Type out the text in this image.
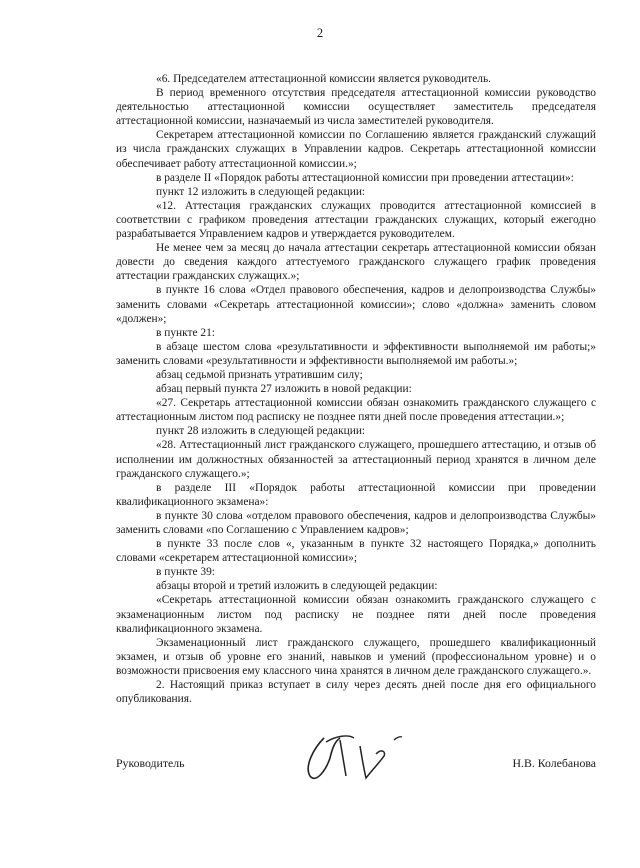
2

«6. Председателем аттестационной комиссии является руководитель.

В период временного отсутствия председателя аттестационной комиссии руководство деятельностью аттестационной комиссии осуществляет заместитель председателя аттестационной комиссии, назначаемый из числа заместителей руководителя.

Секретарем аттестационной комиссии по Соглашению является гражданский служащий из числа гражданских служащих в Управлении кадров. Секретарь аттестационной комиссии обеспечивает работу аттестационной комиссии.»;

в разделе II «Порядок работы аттестационной комиссии при проведении аттестации»:

пункт 12 изложить в следующей редакции:

«12. Аттестация гражданских служащих проводится аттестационной комиссией в соответствии с графиком проведения аттестации гражданских служащих, который ежегодно разрабатывается Управлением кадров и утверждается руководителем.

Не менее чем за месяц до начала аттестации секретарь аттестационной комиссии обязан довести до сведения каждого аттестуемого гражданского служащего график проведения аттестации гражданских служащих.»;

в пункте 16 слова «Отдел правового обеспечения, кадров и делопроизводства Службы» заменить словами «Секретарь аттестационной комиссии»; слово «должна» заменить словом «должен»;

в пункте 21:

в абзаце шестом слова «результативности и эффективности выполняемой им работы;» заменить словами «результативности и эффективности выполняемой им работы.»;

абзац седьмой признать утратившим силу;

абзац первый пункта 27 изложить в новой редакции:

«27. Секретарь аттестационной комиссии обязан ознакомить гражданского служащего с аттестационным листом под расписку не позднее пяти дней после проведения аттестации.»;

пункт 28 изложить в следующей редакции:

«28. Аттестационный лист гражданского служащего, прошедшего аттестацию, и отзыв об исполнении им должностных обязанностей за аттестационный период хранятся в личном деле гражданского служащего.»;

в разделе III «Порядок работы аттестационной комиссии при проведении квалификационного экзамена»:

в пункте 30 слова «отделом правового обеспечения, кадров и делопроизводства Службы» заменить словами «по Соглашению с Управлением кадров»;

в пункте 33 после слов «, указанным в пункте 32 настоящего Порядка,» дополнить словами «секретарем аттестационной комиссии»;

в пункте 39:

абзацы второй и третий изложить в следующей редакции:

«Секретарь аттестационной комиссии обязан ознакомить гражданского служащего с экзаменационным листом под расписку не позднее пяти дней после проведения квалификационного экзамена.

Экзаменационный лист гражданского служащего, прошедшего квалификационный экзамен, и отзыв об уровне его знаний, навыков и умений (профессиональном уровне) и о возможности присвоения ему классного чина хранятся в личном деле гражданского служащего.».

2. Настоящий приказ вступает в силу через десять дней после дня его официального опубликования.

Руководитель	Н.В. Колебанова
